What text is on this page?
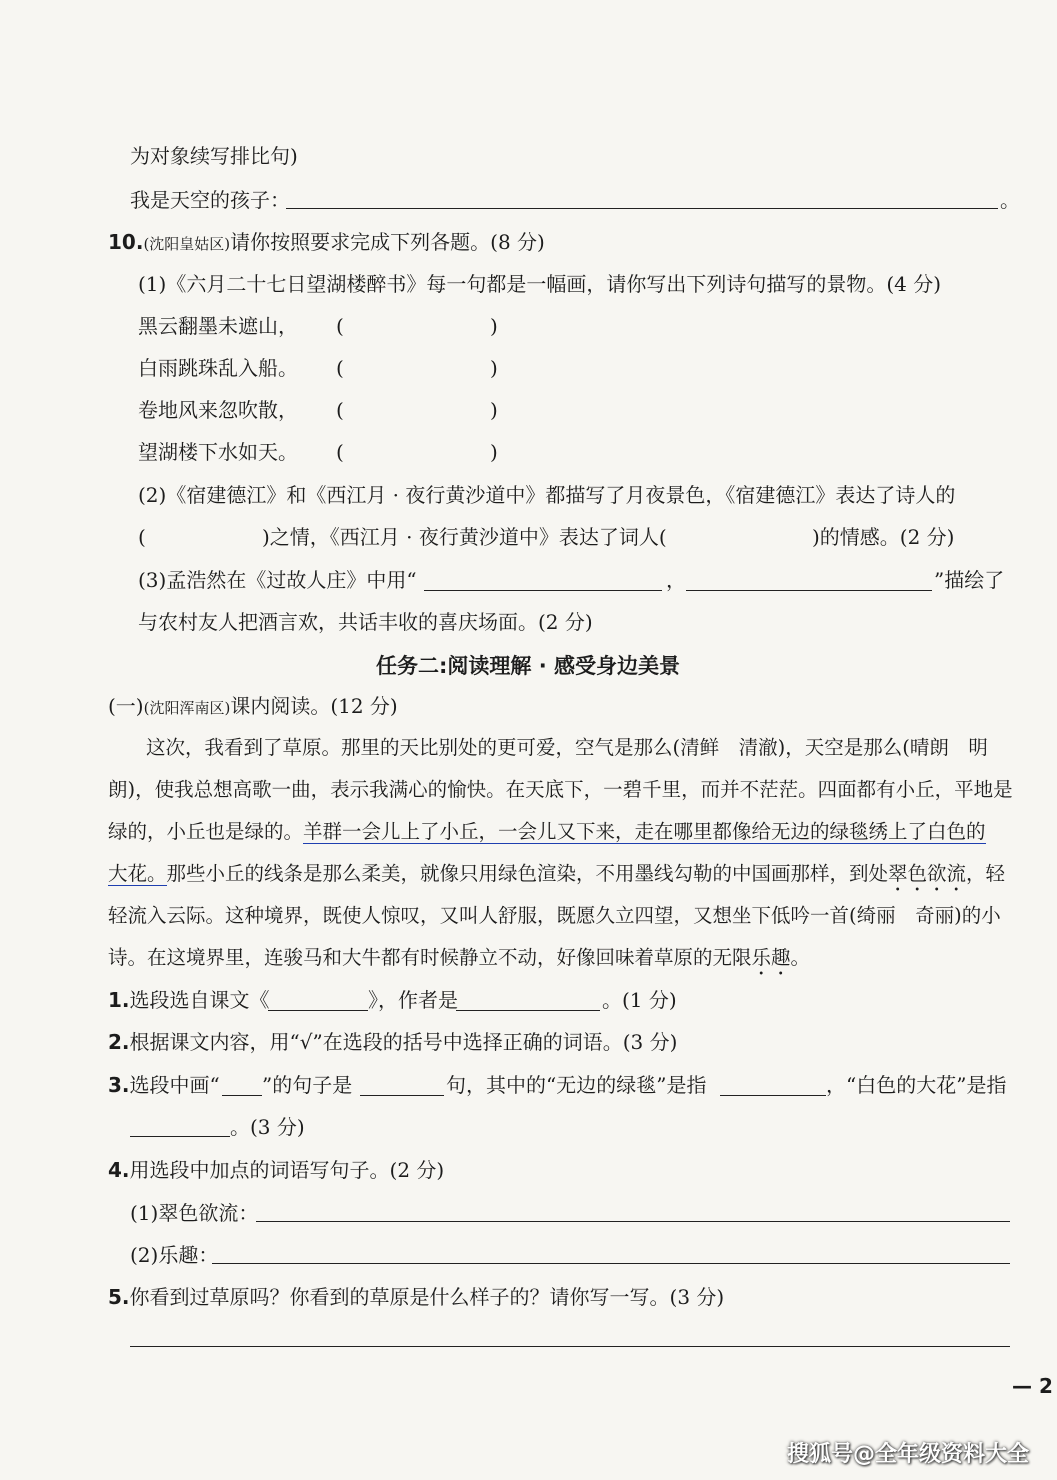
为对象续写排比句)
我是天空的孩子：	。
10.(沈阳皇姑区)请你按照要求完成下列各题。(8 分)
(1)《六月二十七日望湖楼醉书》每一句都是一幅画，请你写出下列诗句描写的景物。(4 分)
黑云翻墨未遮山， (	)
白雨跳珠乱入船。 (	)
卷地风来忽吹散， (	)
望湖楼下水如天。 (	)
(2)《宿建德江》和《西江月 · 夜行黄沙道中》都描写了月夜景色，《宿建德江》表达了诗人的
(	)之情，《西江月 · 夜行黄沙道中》表达了词人(	)的情感。(2 分)
(3)孟浩然在《过故人庄》中用“	，	”描绘了
与农村友人把酒言欢，共话丰收的喜庆场面。(2 分)
任务二:阅读理解 · 感受身边美景
(一)(沈阳浑南区)课内阅读。(12 分)
这次，我看到了草原。那里的天比别处的更可爱，空气是那么(清鲜　清澈)，天空是那么(晴朗　明
朗)，使我总想高歌一曲，表示我满心的愉快。在天底下，一碧千里，而并不茫茫。四面都有小丘，平地是
绿的，小丘也是绿的。羊群一会儿上了小丘，一会儿又下来，走在哪里都像给无边的绿毯绣上了白色的
大花。那些小丘的线条是那么柔美，就像只用绿色渲染，不用墨线勾勒的中国画那样，到处翠色欲流，轻
轻流入云际。这种境界，既使人惊叹，又叫人舒服，既愿久立四望，又想坐下低吟一首(绮丽　奇丽)的小
诗。在这境界里，连骏马和大牛都有时候静立不动，好像回味着草原的无限乐趣。
1.选段选自课文《	》，作者是	。(1 分)
2.根据课文内容，用“√”在选段的括号中选择正确的词语。(3 分)
3.选段中画“ ”的句子是	句，其中的“无边的绿毯”是指	，“白色的大花”是指
。(3 分)
4.用选段中加点的词语写句子。(2 分)
(1)翠色欲流：
(2)乐趣：
5.你看到过草原吗？你看到的草原是什么样子的？请你写一写。(3 分)
— 2
搜狐号@全年级资料大全
